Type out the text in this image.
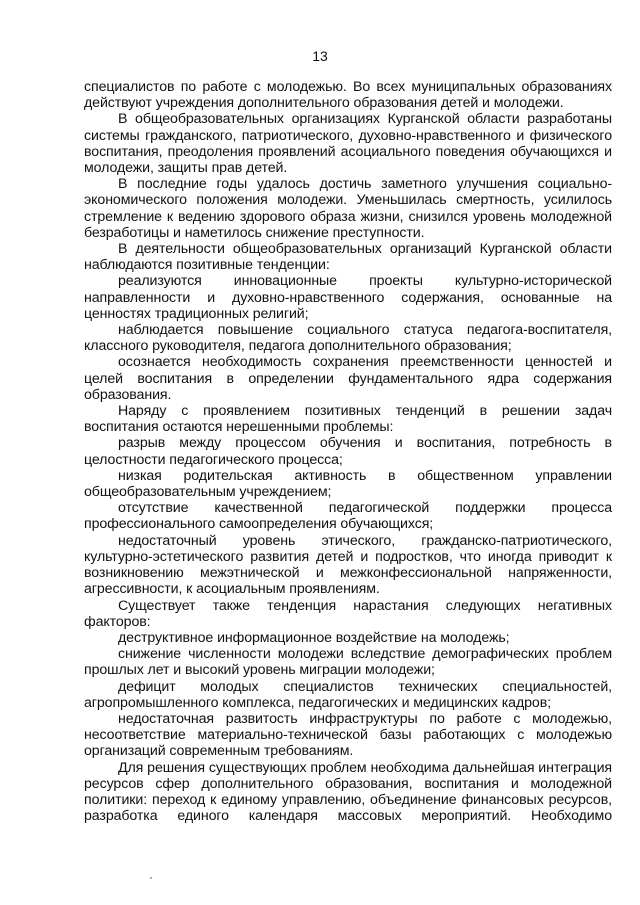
13

специалистов по работе с молодежью. Во всех муниципальных образованиях действуют учреждения дополнительного образования детей и молодежи.

В общеобразовательных организациях Курганской области разработаны системы гражданского, патриотического, духовно-нравственного и физического воспитания, преодоления проявлений асоциального поведения обучающихся и молодежи, защиты прав детей.

В последние годы удалось достичь заметного улучшения социально-экономического положения молодежи. Уменьшилась смертность, усилилось стремление к ведению здорового образа жизни, снизился уровень молодежной безработицы и наметилось снижение преступности.

В деятельности общеобразовательных организаций Курганской области наблюдаются позитивные тенденции:

реализуются инновационные проекты культурно-исторической направленности и духовно-нравственного содержания, основанные на ценностях традиционных религий;

наблюдается повышение социального статуса педагога-воспитателя, классного руководителя, педагога дополнительного образования;

осознается необходимость сохранения преемственности ценностей и целей воспитания в определении фундаментального ядра содержания образования.

Наряду с проявлением позитивных тенденций в решении задач воспитания остаются нерешенными проблемы:

разрыв между процессом обучения и воспитания, потребность в целостности педагогического процесса;

низкая родительская активность в общественном управлении общеобразовательным учреждением;

отсутствие качественной педагогической поддержки процесса профессионального самоопределения обучающихся;

недостаточный уровень этического, гражданско-патриотического, культурно-эстетического развития детей и подростков, что иногда приводит к возникновению межэтнической и межконфессиональной напряженности, агрессивности, к асоциальным проявлениям.

Существует также тенденция нарастания следующих негативных факторов:

деструктивное информационное воздействие на молодежь;

снижение численности молодежи вследствие демографических проблем прошлых лет и высокий уровень миграции молодежи;

дефицит молодых специалистов технических специальностей, агропромышленного комплекса, педагогических и медицинских кадров;

недостаточная развитость инфраструктуры по работе с молодежью, несоответствие материально-технической базы работающих с молодежью организаций современным требованиям.

Для решения существующих проблем необходима дальнейшая интеграция ресурсов сфер дополнительного образования, воспитания и молодежной политики: переход к единому управлению, объединение финансовых ресурсов, разработка единого календаря массовых мероприятий. Необходимо
